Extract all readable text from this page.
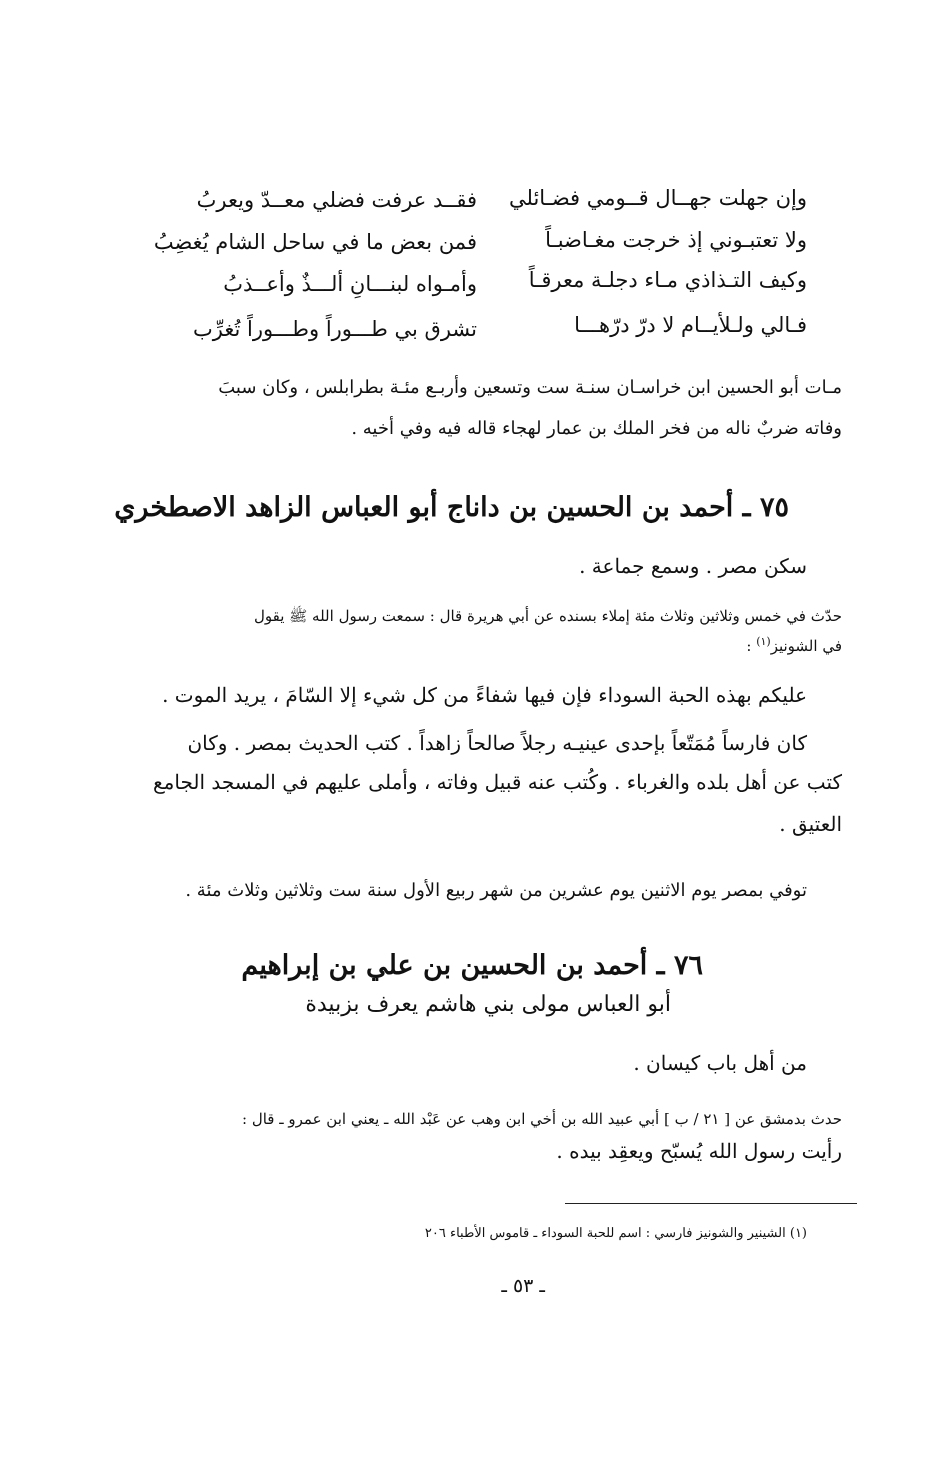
وإن جهلت جهــال قــومي فضـائلي
فقــد عرفت فضلي معــدّ ويعربُ
ولا تعتبـوني إذ خرجت مغـاضبـاً
فمن بعض ما في ساحل الشام يُغضِبُ
وكيف التـذاذي مـاء دجلـة معرقـاً
وأمـواه لبنـــانِ ألـــذٌ وأعــذبُ
فـالي ولـلأيــام لا درّ درّهـــا
تشرق بي طـــوراً وطـــوراً تُغرِّب
مـات أبو الحسين ابن خراسـان سنـة ست وتسعين وأربـع مئـة بطرابلس ، وكان سببَ
وفاته ضربٌ ناله من فخر الملك بن عمار لهجاء قاله فيه وفي أخيه .
٧٥ ـ أحمد بن الحسين بن داناج أبو العباس الزاهد الاصطخري
سكن مصر . وسمع جماعة .
حدّث في خمس وثلاثين وثلاث مئة إملاء بسنده عن أبي هريرة قال : سمعت رسول الله ﷺ يقول
في الشونيز$^{(١)}$ :
عليكم بهذه الحبة السوداء فإن فيها شفاءً من كل شيء إلا السّامَ ، يريد الموت .
كان فارساً مُمَتّعاً بإحدى عينيـه رجلاً صالحاً زاهداً . كتب الحديث بمصر . وكان
كتب عن أهل بلده والغرباء . وكُتب عنه قبيل وفاته ، وأملى عليهم في المسجد الجامع
العتيق .
توفي بمصر يوم الاثنين يوم عشرين من شهر ربيع الأول سنة ست وثلاثين وثلاث مئة .
٧٦ ـ أحمد بن الحسين بن علي بن إبراهيم
أبو العباس مولى بني هاشم يعرف بزبيدة
من أهل باب كيسان .
حدث بدمشق عن [ ٢١ / ب ] أبي عبيد الله بن أخي ابن وهب عن عَبْد الله ـ يعني ابن عمرو ـ قال :
رأيت رسول الله يُسبّح ويعقِد بيده .
(١) الشينير والشونيز فارسي : اسم للحبة السوداء ـ قاموس الأطباء ٢٠٦
ـ ٥٣ ـ
